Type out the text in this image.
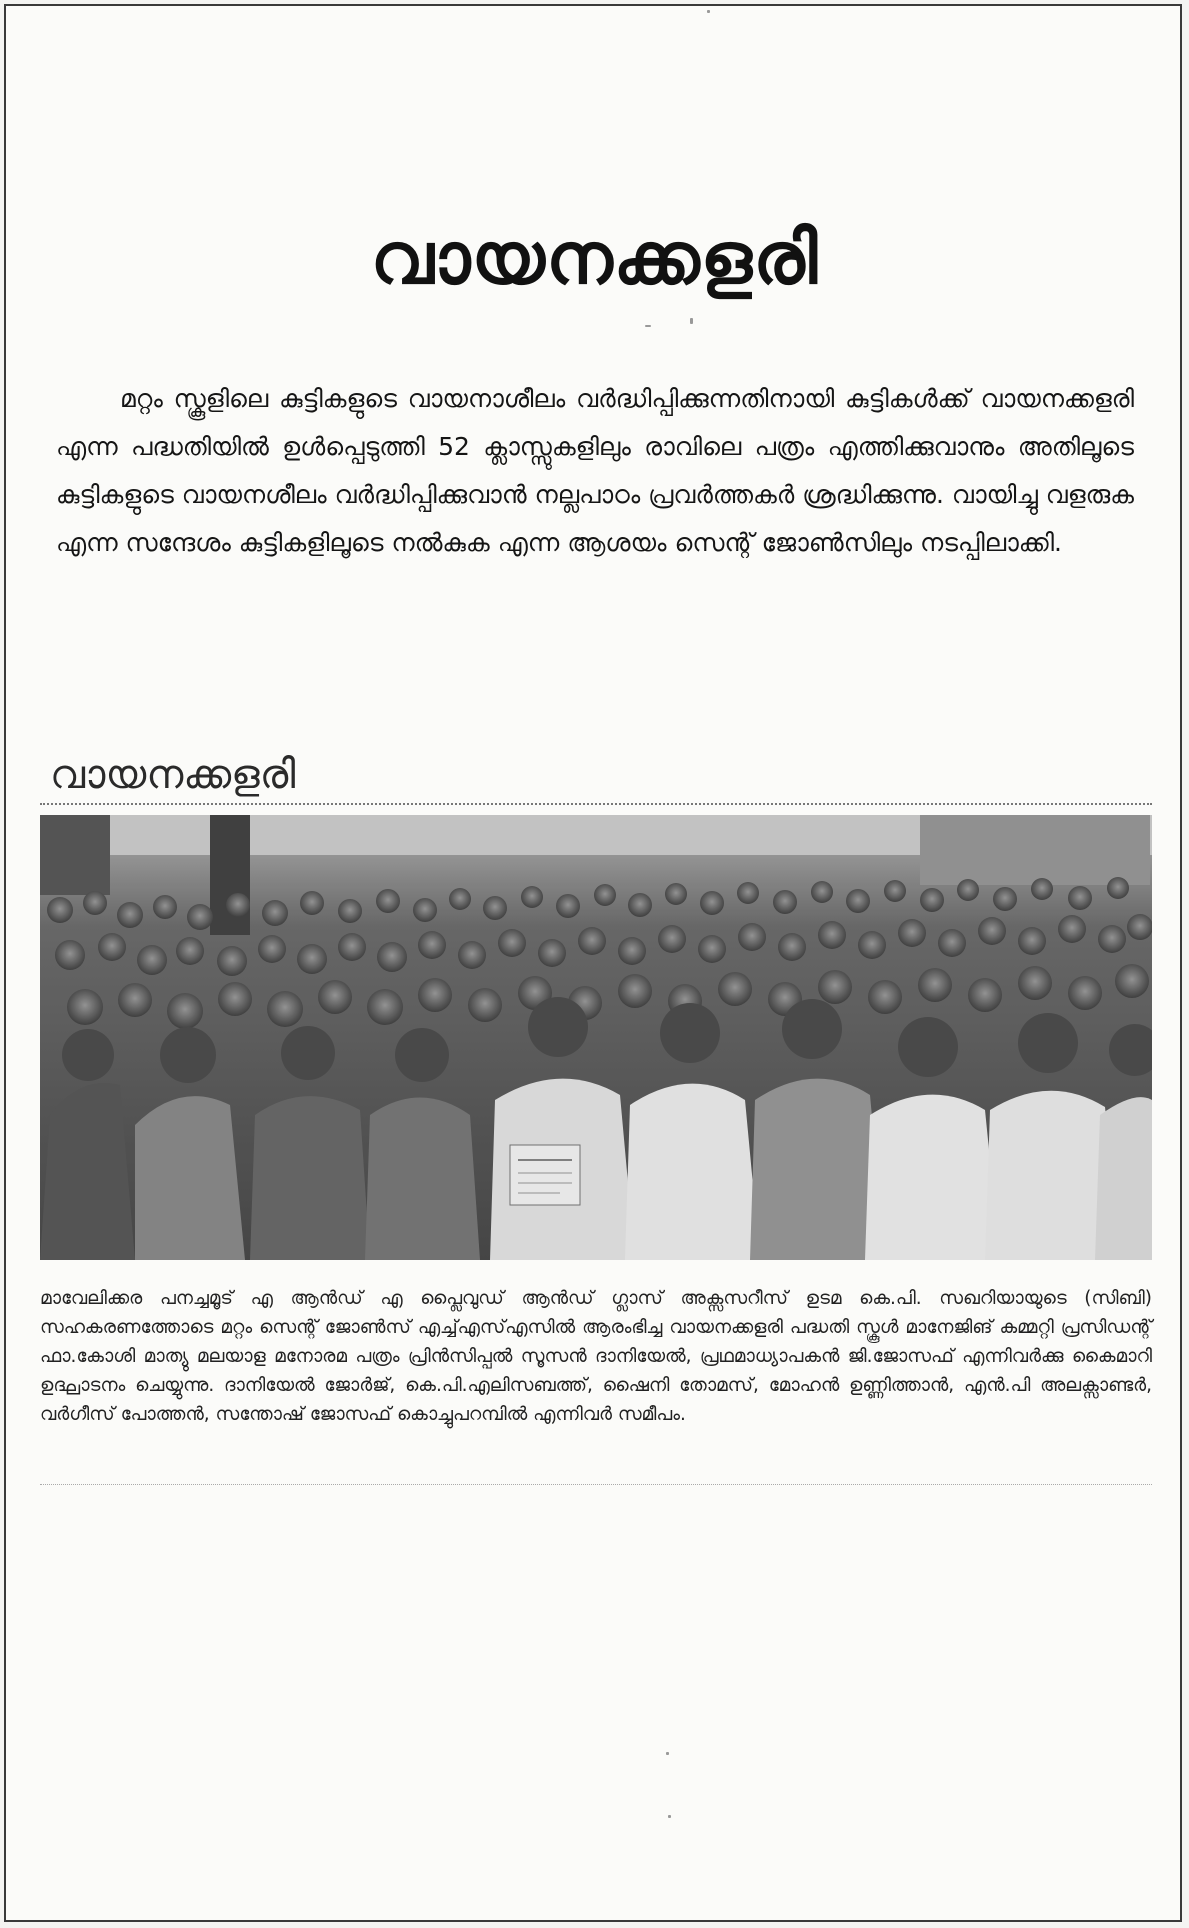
വായനക്കളരി

മറ്റം സ്കൂളിലെ കുട്ടികളുടെ വായനാശീലം വർദ്ധിപ്പിക്കുന്നതിനായി കുട്ടികൾക്ക് വായനക്കളരി എന്ന പദ്ധതിയിൽ ഉൾപ്പെടുത്തി 52 ക്ലാസ്സുകളിലും രാവിലെ പത്രം എത്തിക്കുവാനും അതിലൂടെ കുട്ടികളുടെ വായനശീലം വർദ്ധിപ്പിക്കുവാൻ നല്ലപാഠം പ്രവർത്തകർ ശ്രദ്ധിക്കുന്നു. വായിച്ചു വളരുക എന്ന സന്ദേശം കുട്ടികളിലൂടെ നൽകുക എന്ന ആശയം സെന്റ് ജോൺസിലും നടപ്പിലാക്കി.

വായനക്കളരി

മാവേലിക്കര പനച്ചമൂട് എ ആൻഡ് എ പ്ലൈവുഡ് ആൻഡ് ഗ്ലാസ് അക്സസറീസ് ഉടമ കെ.പി. സഖറിയായുടെ (സിബി) സഹകരണത്തോടെ മറ്റം സെന്റ് ജോൺസ് എച്ച്എസ്എസിൽ ആരംഭിച്ച വായനക്കളരി പദ്ധതി സ്കൂൾ മാനേജിങ് കമ്മറ്റി പ്രസിഡന്റ് ഫാ.കോശി മാത്യു മലയാള മനോരമ പത്രം പ്രിൻസിപ്പൽ സൂസൻ ദാനിയേൽ, പ്രഥമാധ്യാപകൻ ജി.ജോസഫ് എന്നിവർക്കു കൈമാറി ഉദ്ഘാടനം ചെയ്യുന്നു. ദാനിയേൽ ജോർജ്, കെ.പി.എലിസബത്ത്, ഷൈനി തോമസ്, മോഹൻ ഉണ്ണിത്താൻ, എൻ.പി അലക്സാണ്ടർ, വർഗീസ് പോത്തൻ, സന്തോഷ് ജോസഫ് കൊച്ചുപറമ്പിൽ എന്നിവർ സമീപം.
